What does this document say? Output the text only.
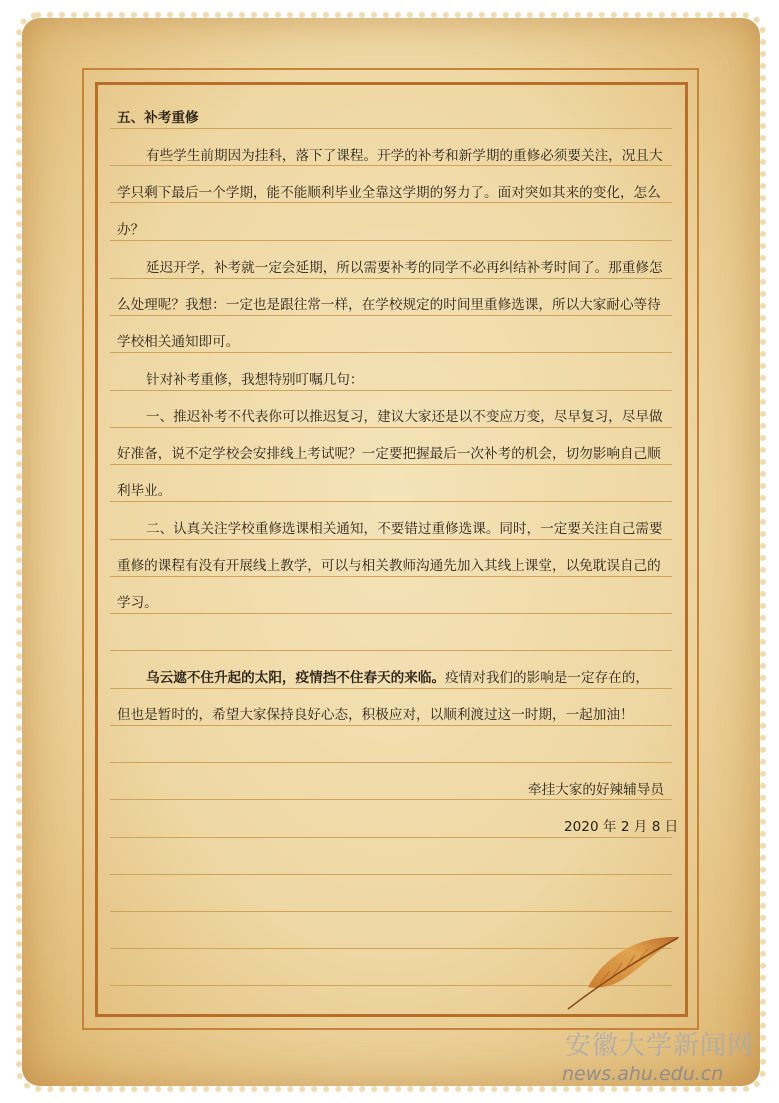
五、补考重修
有些学生前期因为挂科，落下了课程。开学的补考和新学期的重修必须要关注，况且大
学只剩下最后一个学期，能不能顺利毕业全靠这学期的努力了。面对突如其来的变化，怎么
办？
延迟开学，补考就一定会延期，所以需要补考的同学不必再纠结补考时间了。那重修怎
么处理呢？我想：一定也是跟往常一样，在学校规定的时间里重修选课，所以大家耐心等待
学校相关通知即可。
针对补考重修，我想特别叮嘱几句：
一、推迟补考不代表你可以推迟复习，建议大家还是以不变应万变，尽早复习，尽早做
好准备，说不定学校会安排线上考试呢？一定要把握最后一次补考的机会，切勿影响自己顺
利毕业。
二、认真关注学校重修选课相关通知，不要错过重修选课。同时，一定要关注自己需要
重修的课程有没有开展线上教学，可以与相关教师沟通先加入其线上课堂，以免耽误自己的
学习。
乌云遮不住升起的太阳，疫情挡不住春天的来临。疫情对我们的影响是一定存在的，
但也是暂时的，希望大家保持良好心态，积极应对，以顺利渡过这一时期，一起加油！
牵挂大家的好辣辅导员
2020 年 2 月 8 日
安徽大学新闻网
news.ahu.edu.cn
